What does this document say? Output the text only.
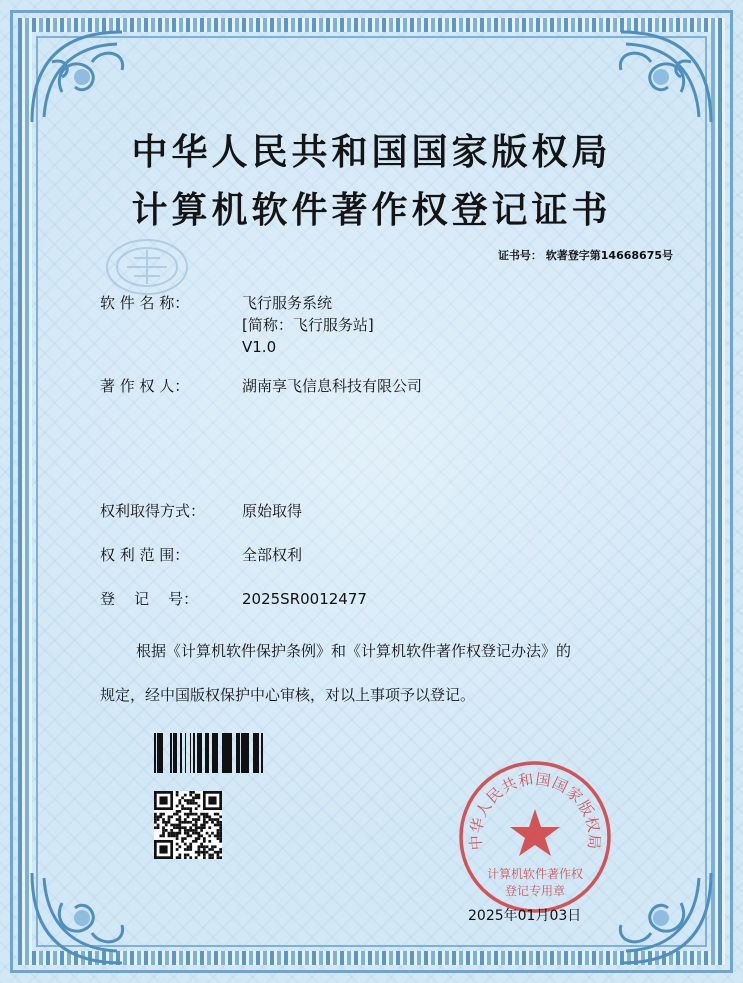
中华人民共和国国家版权局
计算机软件著作权登记证书
证书号： 软著登字第14668675号
软 件 名 称：	飞行服务系统
[简称：飞行服务站]
V1.0
著 作 权 人：	湖南享飞信息科技有限公司
权利取得方式：	原始取得
权 利 范 围：	全部权利
登    记    号：	2025SR0012477
根据《计算机软件保护条例》和《计算机软件著作权登记办法》的
规定，经中国版权保护中心审核，对以上事项予以登记。
中华人民共和国国家版权局
计算机软件著作权
登记专用章
2025年01月03日
